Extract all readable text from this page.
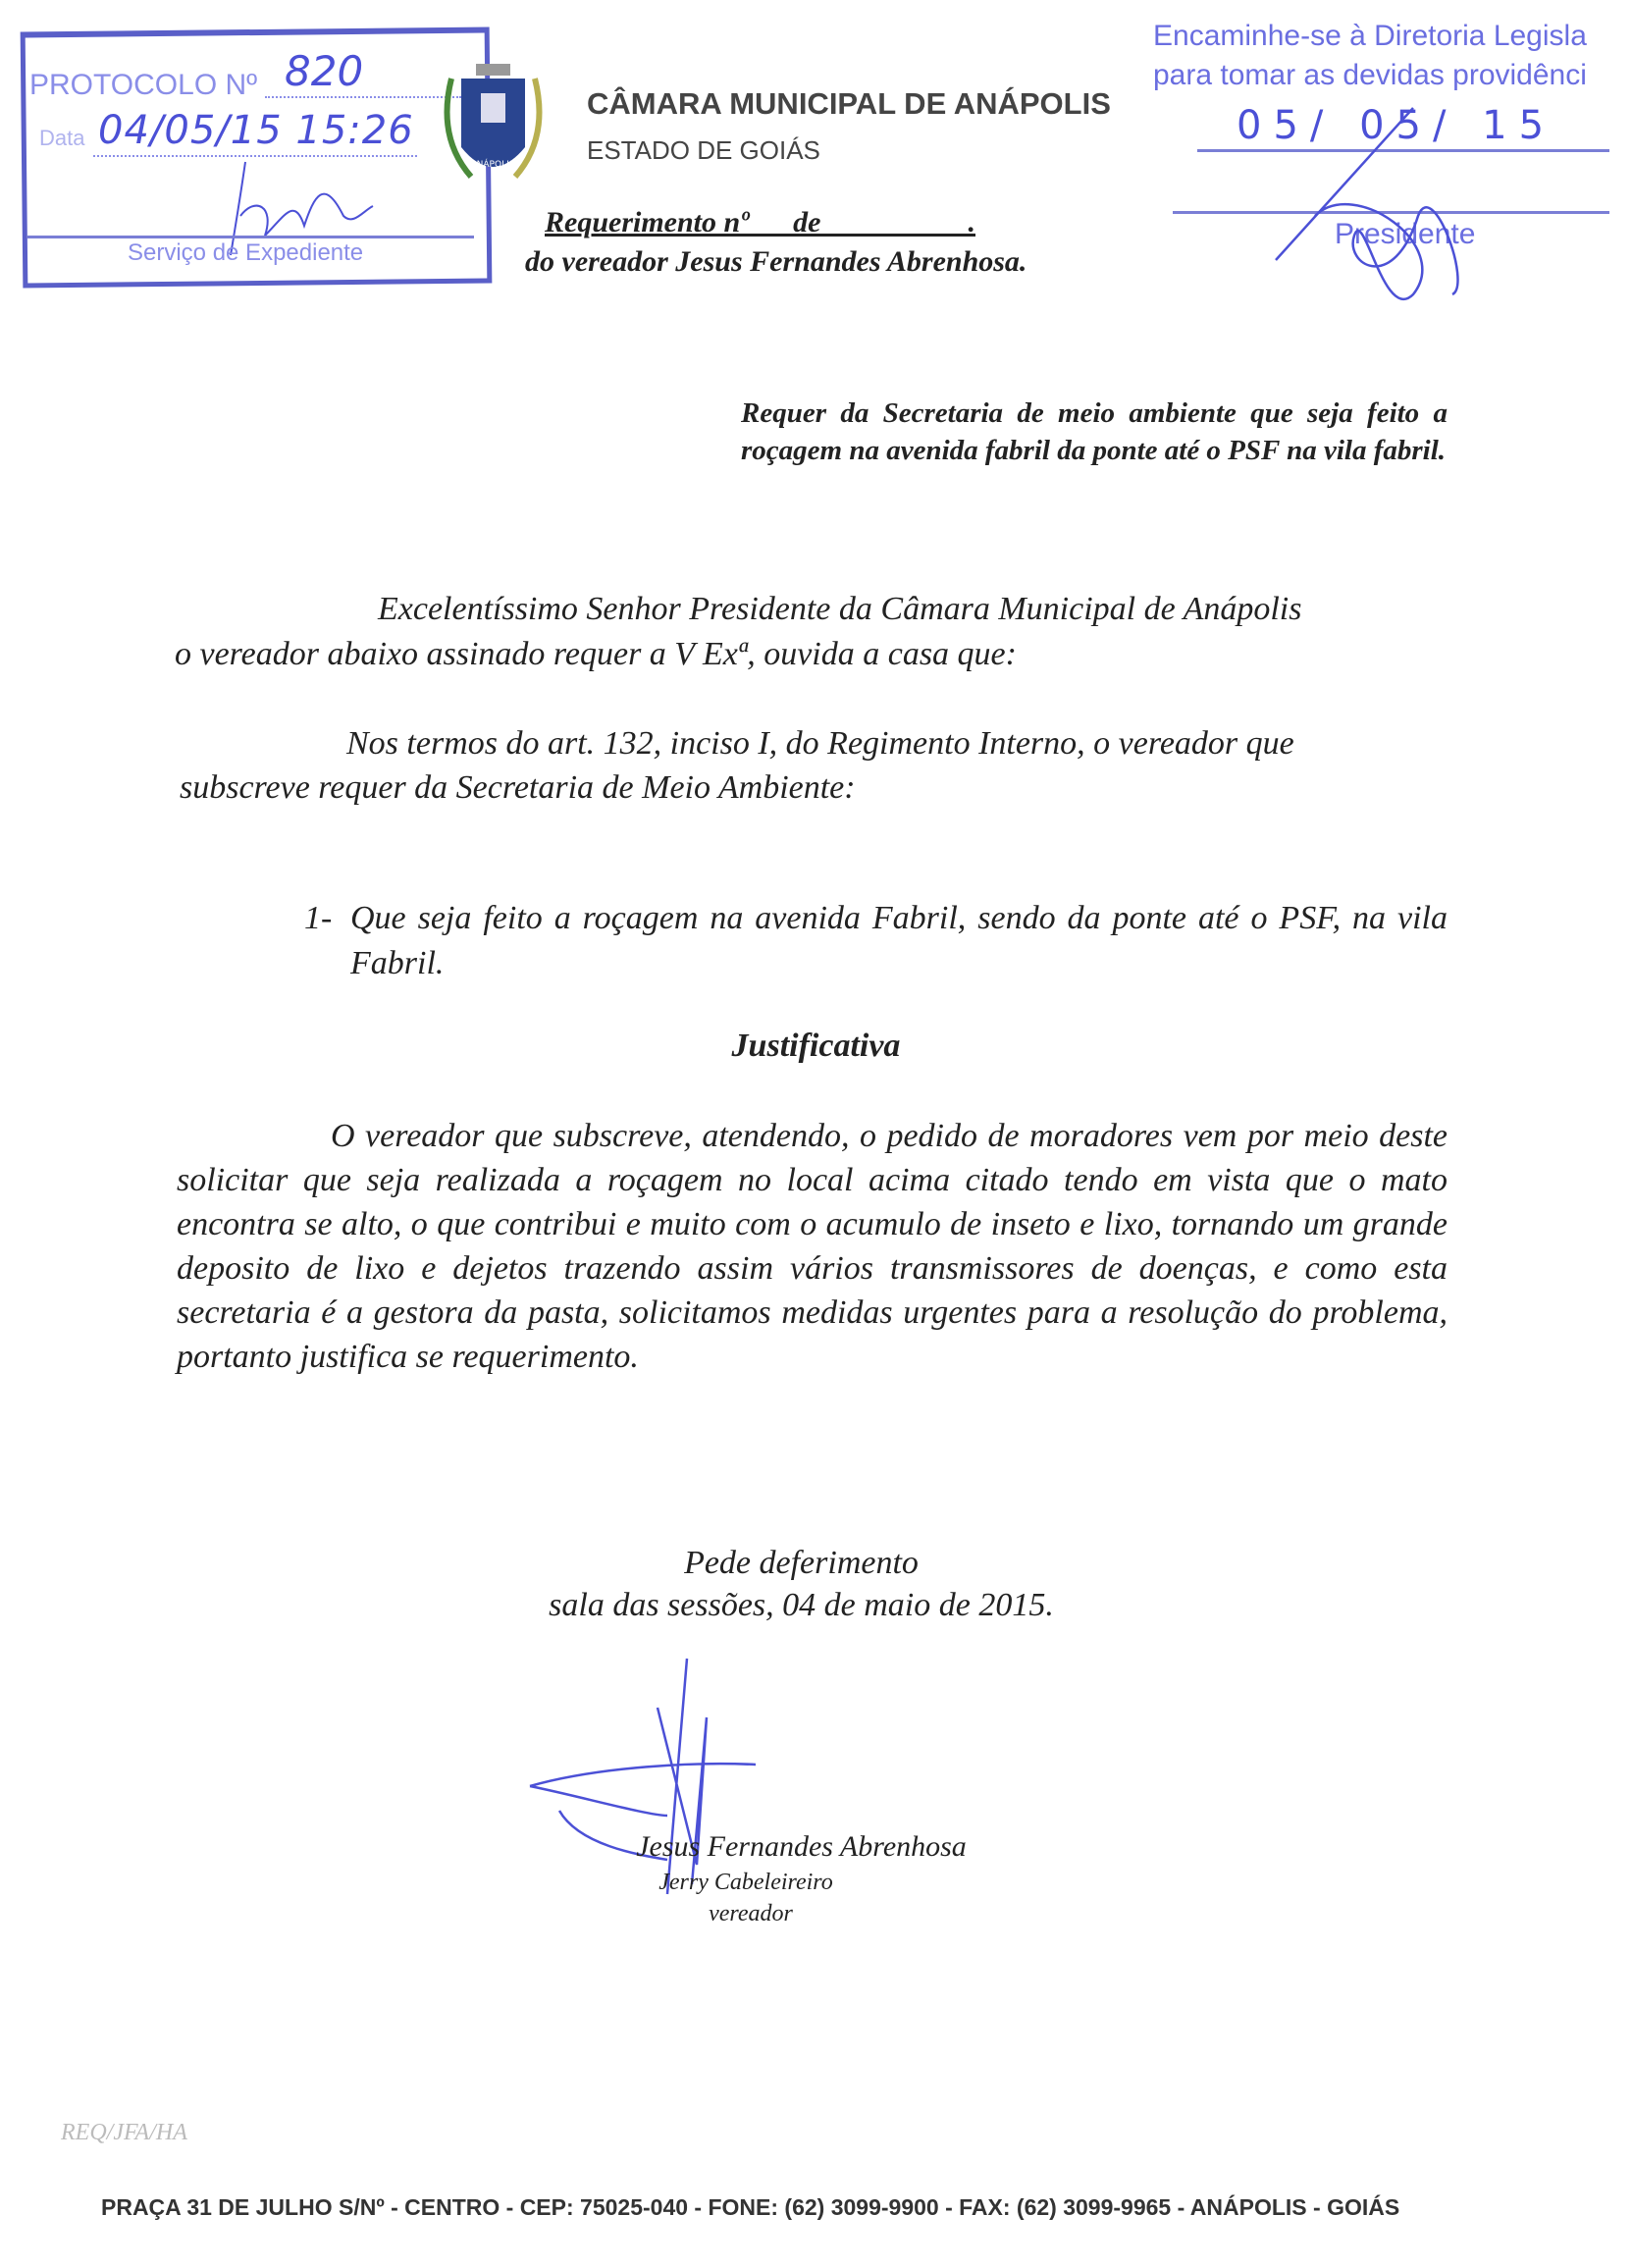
PROTOCOLO Nº 820
Data 04/05/15 15:26
Serviço de Expediente
ANÁPOLIS
CÂMARA MUNICIPAL DE ANÁPOLIS
ESTADO DE GOIÁS
Encaminhe-se à Diretoria Legisla
para tomar as devidas providênci
05/ 05/ 15
Presidente
Requerimento nº      de                    .
do vereador Jesus Fernandes Abrenhosa.
Requer da Secretaria de meio ambiente que seja feito a roçagem na avenida fabril da ponte até o PSF na vila fabril.
Excelentíssimo Senhor Presidente da Câmara Municipal de Anápolis
o vereador abaixo assinado requer a V Exª, ouvida a casa que:
Nos termos do art. 132, inciso I, do Regimento Interno, o vereador que
subscreve requer da Secretaria de Meio Ambiente:
1- Que seja feito a roçagem na avenida Fabril, sendo da ponte até o PSF, na vila Fabril.
Justificativa
O vereador que subscreve, atendendo, o pedido de moradores vem por meio deste solicitar que seja realizada a roçagem no local acima citado tendo em vista que o mato encontra se alto, o que contribui e muito com o acumulo de inseto e lixo, tornando um grande deposito de lixo e dejetos trazendo assim vários transmissores de doenças, e como esta secretaria é a gestora da pasta, solicitamos medidas urgentes para a resolução do problema, portanto justifica se requerimento.
Pede deferimento
sala das sessões, 04 de maio de 2015.
Jesus Fernandes Abrenhosa
Jerry Cabeleireiro
vereador
REQ/JFA/HA
PRAÇA 31 DE JULHO S/Nº - CENTRO - CEP: 75025-040 - FONE: (62) 3099-9900 - FAX: (62) 3099-9965 - ANÁPOLIS - GOIÁS
